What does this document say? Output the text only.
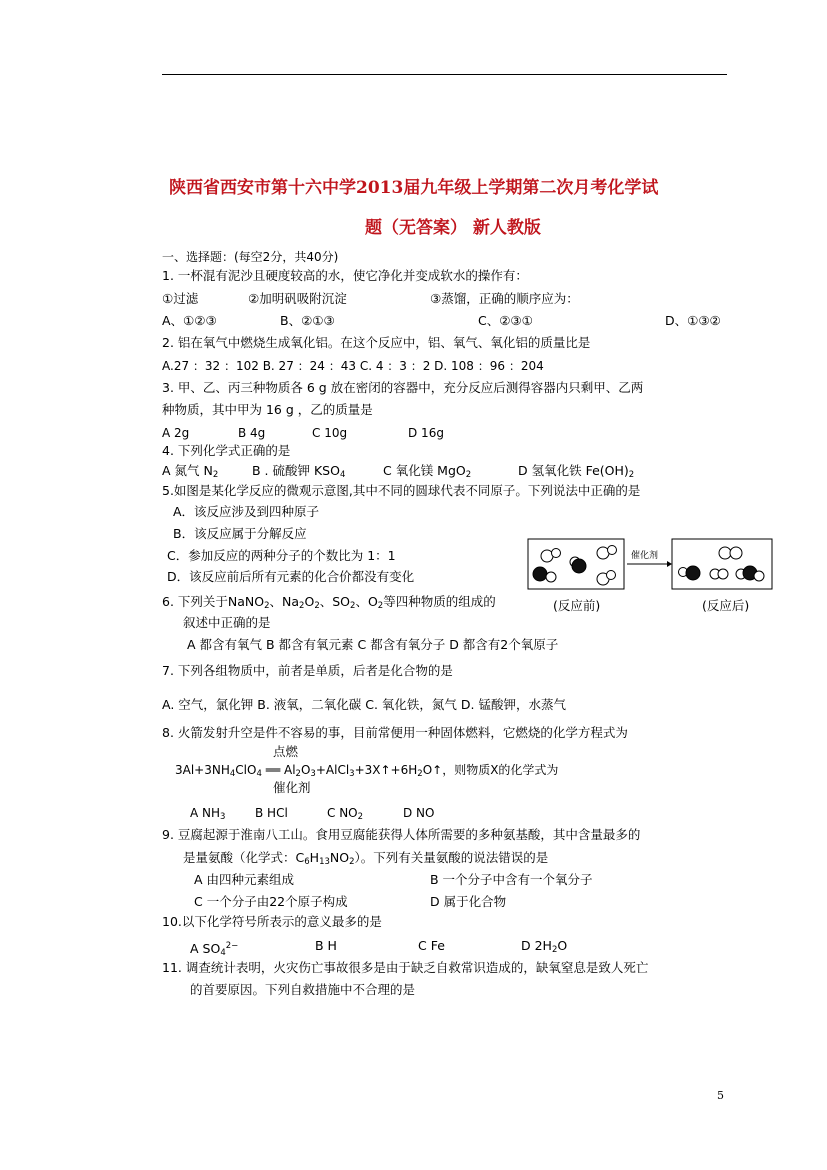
陕西省西安市第十六中学2013届九年级上学期第二次月考化学试
题（无答案） 新人教版
一、选择题：(每空2分，共40分)
1. 一杯混有泥沙且硬度较高的水，使它净化并变成软水的操作有：
①过滤	②加明矾吸附沉淀	③蒸馏，正确的顺序应为：
A、①②③	B、②①③	C、②③①	D、①③②
2. 铝在氧气中燃烧生成氧化铝。在这个反应中，铝、氧气、氧化铝的质量比是
A.27 ：32 ：102 B. 27 ：24 ：43 C. 4 ：3 ：2 D. 108 ：96 ：204
3. 甲、乙、丙三种物质各 6 g 放在密闭的容器中，充分反应后测得容器内只剩甲、乙两
种物质，其中甲为 16 g ，乙的质量是
A 2g	B 4g	C 10g	D 16g
4. 下列化学式正确的是
A 氮气 $N_2$	B . 硫酸钾 $KSO_4$	C 氧化镁 MgO$_2$	D 氢氧化铁 $Fe(OH)_2$
5.如图是某化学反应的微观示意图,其中不同的圆球代表不同原子。下列说法中正确的是
A．该反应涉及到四种原子
B．该反应属于分解反应
C．参加反应的两种分子的个数比为 1：1
D．该反应前后所有元素的化合价都没有变化
催化剂
(反应前)	(反应后)
6. 下列关于NaNO$_2$、$Na_2O_2$、$SO_2$、$O_2$等四种物质的组成的
叙述中正确的是
A 都含有氧气 B 都含有氧元素 C 都含有氧分子 D 都含有2个氧原子
7. 下列各组物质中，前者是单质，后者是化合物的是
A. 空气，氯化钾 B. 液氧，二氧化碳 C. 氧化铁，氮气 D. 锰酸钾，水蒸气
8. 火箭发射升空是件不容易的事，目前常便用一种固体燃料，它燃烧的化学方程式为
点燃
$3Al+3NH_4ClO_4$ ══ $Al_2O_3+AlCl_3+3X↑+6H_2O↑$，则物质X的化学式为
催化剂
A $NH_3$ B HCl	C $NO_2$	D NO
9. 豆腐起源于淮南八工山。食用豆腐能获得人体所需要的多种氨基酸，其中含量最多的
是量氨酸（化学式：$C_6H_{13}NO_2$）。下列有关量氨酸的说法错误的是
A 由四种元素组成	B 一个分子中含有一个氧分子
C 一个分子由22个原子构成	D 属于化合物
10.以下化学符号所表示的意义最多的是
A $SO_4^{2-}$	B H	C Fe	D $2H_2O$
11. 调查统计表明，火灾伤亡事故很多是由于缺乏自救常识造成的，缺氧窒息是致人死亡
的首要原因。下列自救措施中不合理的是
5
